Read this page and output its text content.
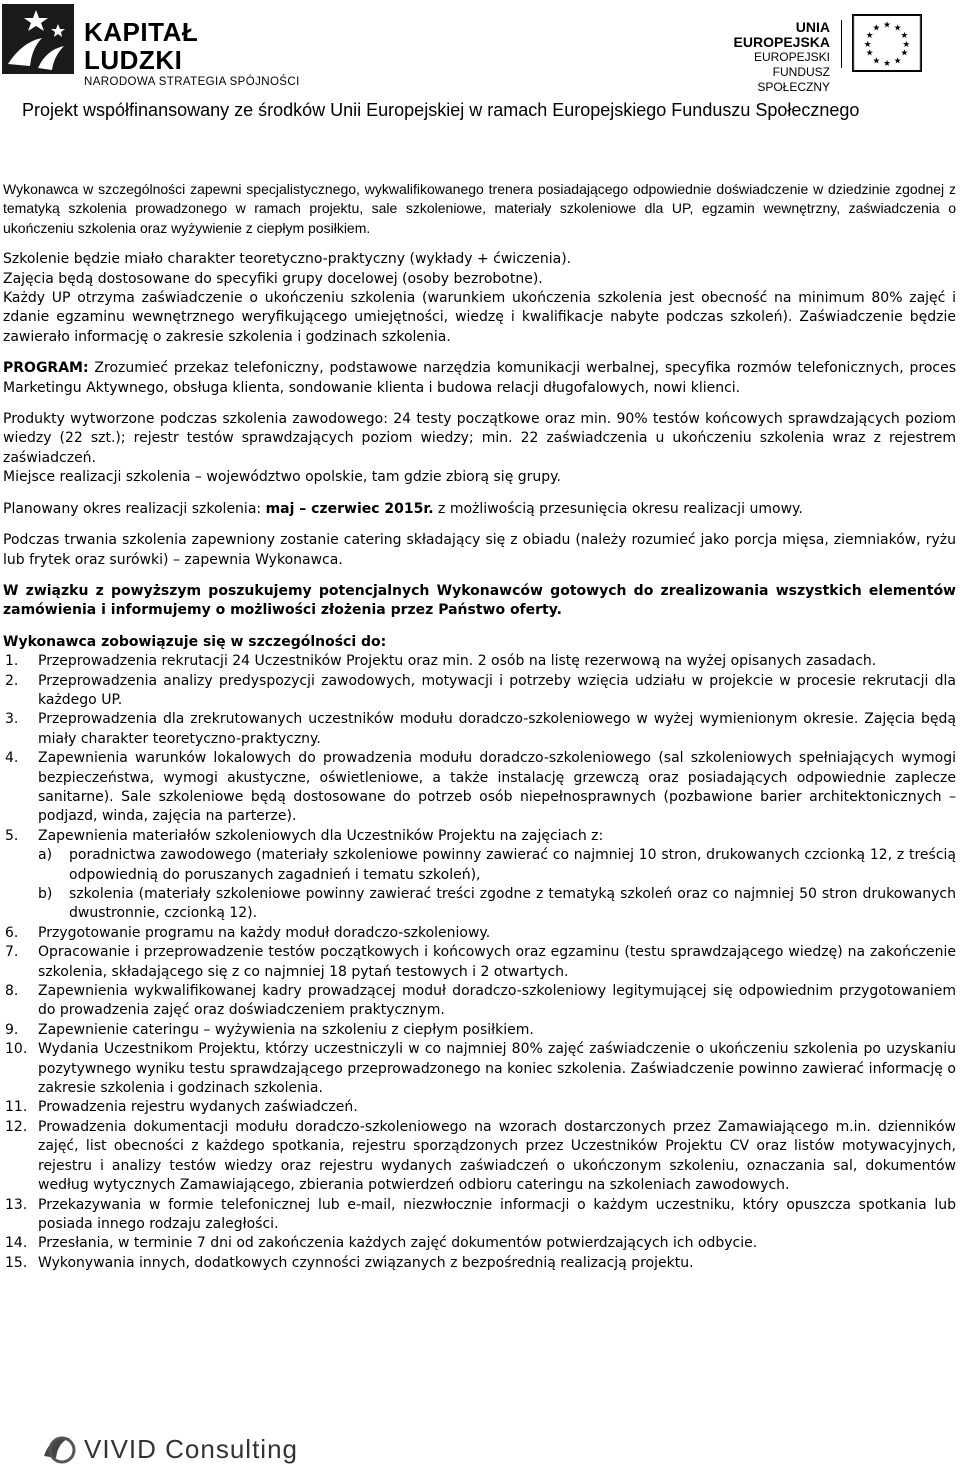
KAPITAŁ LUDZKI
NARODOWA STRATEGIA SPÓJNOŚCI
UNIA EUROPEJSKA
EUROPEJSKI
FUNDUSZ SPOŁECZNY
★ ★
★
★
★
★
★
★
★
★
★
★
Projekt współfinansowany ze środków Unii Europejskiej w ramach Europejskiego Funduszu Społecznego

Wykonawca w szczególności zapewni specjalistycznego, wykwalifikowanego trenera posiadającego odpowiednie doświadczenie w dziedzinie zgodnej z tematyką szkolenia prowadzonego w ramach projektu, sale szkoleniowe, materiały szkoleniowe dla UP, egzamin wewnętrzny, zaświadczenia o ukończeniu szkolenia oraz wyżywienie z ciepłym posiłkiem.

Szkolenie będzie miało charakter teoretyczno-praktyczny (wykłady + ćwiczenia).

Zajęcia będą dostosowane do specyfiki grupy docelowej (osoby bezrobotne).

Każdy UP otrzyma zaświadczenie o ukończeniu szkolenia (warunkiem ukończenia szkolenia jest obecność na minimum 80% zajęć i zdanie egzaminu wewnętrznego weryfikującego umiejętności, wiedzę i kwalifikacje nabyte podczas szkoleń). Zaświadczenie będzie zawierało informację o zakresie szkolenia i godzinach szkolenia.

PROGRAM: Zrozumieć przekaz telefoniczny, podstawowe narzędzia komunikacji werbalnej, specyfika rozmów telefonicznych, proces Marketingu Aktywnego, obsługa klienta, sondowanie klienta i budowa relacji długofalowych, nowi klienci.

Produkty wytworzone podczas szkolenia zawodowego: 24 testy początkowe oraz min. 90% testów końcowych sprawdzających poziom wiedzy (22 szt.); rejestr testów sprawdzających poziom wiedzy; min. 22 zaświadczenia u ukończeniu szkolenia wraz z rejestrem zaświadczeń.

Miejsce realizacji szkolenia – województwo opolskie, tam gdzie zbiorą się grupy.

Planowany okres realizacji szkolenia: maj – czerwiec 2015r. z możliwością przesunięcia okresu realizacji umowy.

Podczas trwania szkolenia zapewniony zostanie catering składający się z obiadu (należy rozumieć jako porcja mięsa, ziemniaków, ryżu lub frytek oraz surówki) – zapewnia Wykonawca.

W związku z powyższym poszukujemy potencjalnych Wykonawców gotowych do zrealizowania wszystkich elementów zamówienia i informujemy o możliwości złożenia przez Państwo oferty.

Wykonawca zobowiązuje się w szczególności do:

1. Przeprowadzenia rekrutacji 24 Uczestników Projektu oraz min. 2 osób na listę rezerwową na wyżej opisanych zasadach.
2. Przeprowadzenia analizy predyspozycji zawodowych, motywacji i potrzeby wzięcia udziału w projekcie w procesie rekrutacji dla każdego UP.
3. Przeprowadzenia dla zrekrutowanych uczestników modułu doradczo-szkoleniowego w wyżej wymienionym okresie. Zajęcia będą miały charakter teoretyczno-praktyczny.
4. Zapewnienia warunków lokalowych do prowadzenia modułu doradczo-szkoleniowego (sal szkoleniowych spełniających wymogi bezpieczeństwa, wymogi akustyczne, oświetleniowe, a także instalację grzewczą oraz posiadających odpowiednie zaplecze sanitarne). Sale szkoleniowe będą dostosowane do potrzeb osób niepełnosprawnych (pozbawione barier architektonicznych – podjazd, winda, zajęcia na parterze).
5. Zapewnienia materiałów szkoleniowych dla Uczestników Projektu na zajęciach z:
a) poradnictwa zawodowego (materiały szkoleniowe powinny zawierać co najmniej 10 stron, drukowanych czcionką 12, z treścią odpowiednią do poruszanych zagadnień i tematu szkoleń),
b) szkolenia (materiały szkoleniowe powinny zawierać treści zgodne z tematyką szkoleń oraz co najmniej 50 stron drukowanych dwustronnie, czcionką 12).
6. Przygotowanie programu na każdy moduł doradczo-szkoleniowy.
7. Opracowanie i przeprowadzenie testów początkowych i końcowych oraz egzaminu (testu sprawdzającego wiedzę) na zakończenie szkolenia, składającego się z co najmniej 18 pytań testowych i 2 otwartych.
8. Zapewnienia wykwalifikowanej kadry prowadzącej moduł doradczo-szkoleniowy legitymującej się odpowiednim przygotowaniem do prowadzenia zajęć oraz doświadczeniem praktycznym.
9. Zapewnienie cateringu – wyżywienia na szkoleniu z ciepłym posiłkiem.
10. Wydania Uczestnikom Projektu, którzy uczestniczyli w co najmniej 80% zajęć zaświadczenie o ukończeniu szkolenia po uzyskaniu pozytywnego wyniku testu sprawdzającego przeprowadzonego na koniec szkolenia. Zaświadczenie powinno zawierać informację o zakresie szkolenia i godzinach szkolenia.
11. Prowadzenia rejestru wydanych zaświadczeń.
12. Prowadzenia dokumentacji modułu doradczo-szkoleniowego na wzorach dostarczonych przez Zamawiającego m.in. dzienników zajęć, list obecności z każdego spotkania, rejestru sporządzonych przez Uczestników Projektu CV oraz listów motywacyjnych, rejestru i analizy testów wiedzy oraz rejestru wydanych zaświadczeń o ukończonym szkoleniu, oznaczania sal, dokumentów według wytycznych Zamawiającego, zbierania potwierdzeń odbioru cateringu na szkoleniach zawodowych.
13. Przekazywania w formie telefonicznej lub e-mail, niezwłocznie informacji o każdym uczestniku, który opuszcza spotkania lub posiada innego rodzaju zaległości.
14. Przesłania, w terminie 7 dni od zakończenia każdych zajęć dokumentów potwierdzających ich odbycie.
15. Wykonywania innych, dodatkowych czynności związanych z bezpośrednią realizacją projektu.
VIVID Consulting
